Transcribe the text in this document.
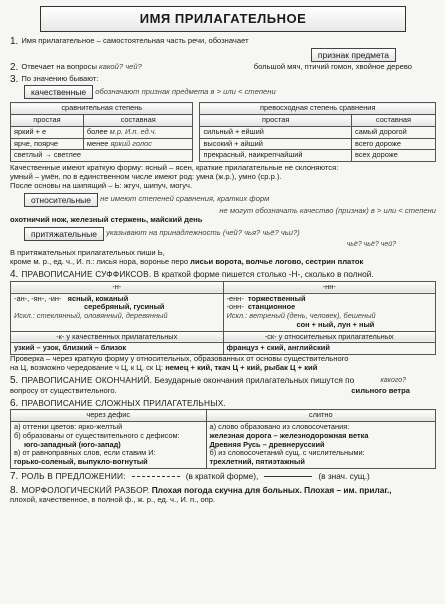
ИМЯ ПРИЛАГАТЕЛЬНОЕ
1. Имя прилагательное – самостоятельная часть речи, обозначает
признак предмета
2. Отвечает на вопросы
какой? чей?	большой мяч, птичий гомон, хвойное дерево
3. По значению бывают:
качественные
	обозначают признак предмета в > или < степени
сравнительная степень			превосходная степень сравнения	
простая	составная		простая	составная
яркий + е	более м.р. И.п. ед.ч.		сильный + ейший	самый дорогой
ярче, поярче	менее яркий голос		высокий + айший	всего дороже
светлый → светлее			прекрасный, наикрепчайший	всех дороже
Качественные имеют краткую форму: ясный – ясен, краткие прилагательные не склоняются:
умный – умён, по в единственном числе имеют род: умна (ж.р.), умно (ср.р.).
После основы на шипящий – Ь: жгуч, шипуч, могуч.
относительные
	не имеют степеней сравнения, кратких форм
не могут обозначать качество (признак) в > или < степени
охотничий нож, железный стержень, майский день
притяжательные
	указывают на принадлежность (чей? чья? чьё? чьи?)
чьё? чьё? чей?
В притяжательных прилагательных пиши Ь,
кроме м. р., ед. ч., И. п.: лисья нора, воронье перо
лисьи ворота, волчье логово, сестрин платок
4. ПРАВОПИСАНИЕ СУФФИКСОВ.
В краткой форме пишется столько -Н-, сколько в полной.
-н-	-нн-
-ан-, -ян-, -ин- ясный, кожаный
серебряный, гусиный
Искл.: стеклянный, оловянный, деревянный	-енн- торжественный
-онн- станционное
Искл.: ветреный (день, человек), бешеный
сон + ный, лун + ный
-к- у качественных прилагательных	-ск- у относительных прилагательных
узкий – узок, близкий – близок	француз + ский, английский
Проверка – через краткую форму у относительных, образованных от основы существительного
на Ц, возможно чередование ч Ц, к Ц, ск Ц:
немец + кий, ткач Ц + кий, рыбак Ц + кий
5. ПРАВОПИСАНИЕ ОКОНЧАНИЙ.
Безударные окончания прилагательных пишутся по	какого?
вопросу от существительного.	сильного ветра
6. ПРАВОПИСАНИЕ СЛОЖНЫХ ПРИЛАГАТЕЛЬНЫХ.
через дефис	слитно
а) оттенки цветов: ярко-желтый
б) образованы от существительного с дефисом:
юго-западный (юго-запад)
в) от равноправных слов, если ставим И:
горько-соленый, выпукло-вогнутый	а) слово образовано из словосочетания:
железная дорога – железнодорожная ветка
Древняя Русь – древнерусский
б) из словосочетаний сущ. с числительными:
трехлетний, пятиэтажный
7. РОЛЬ В ПРЕДЛОЖЕНИИ:	(в краткой форме),	(в знач. сущ.)
8. МОРФОЛОГИЧЕСКИЙ РАЗБОР.
Плохая погода скучна для больных. Плохая – им. прилаг.,
плохой, качественное, в полной ф., ж. р., ед. ч., И. п., опр.
